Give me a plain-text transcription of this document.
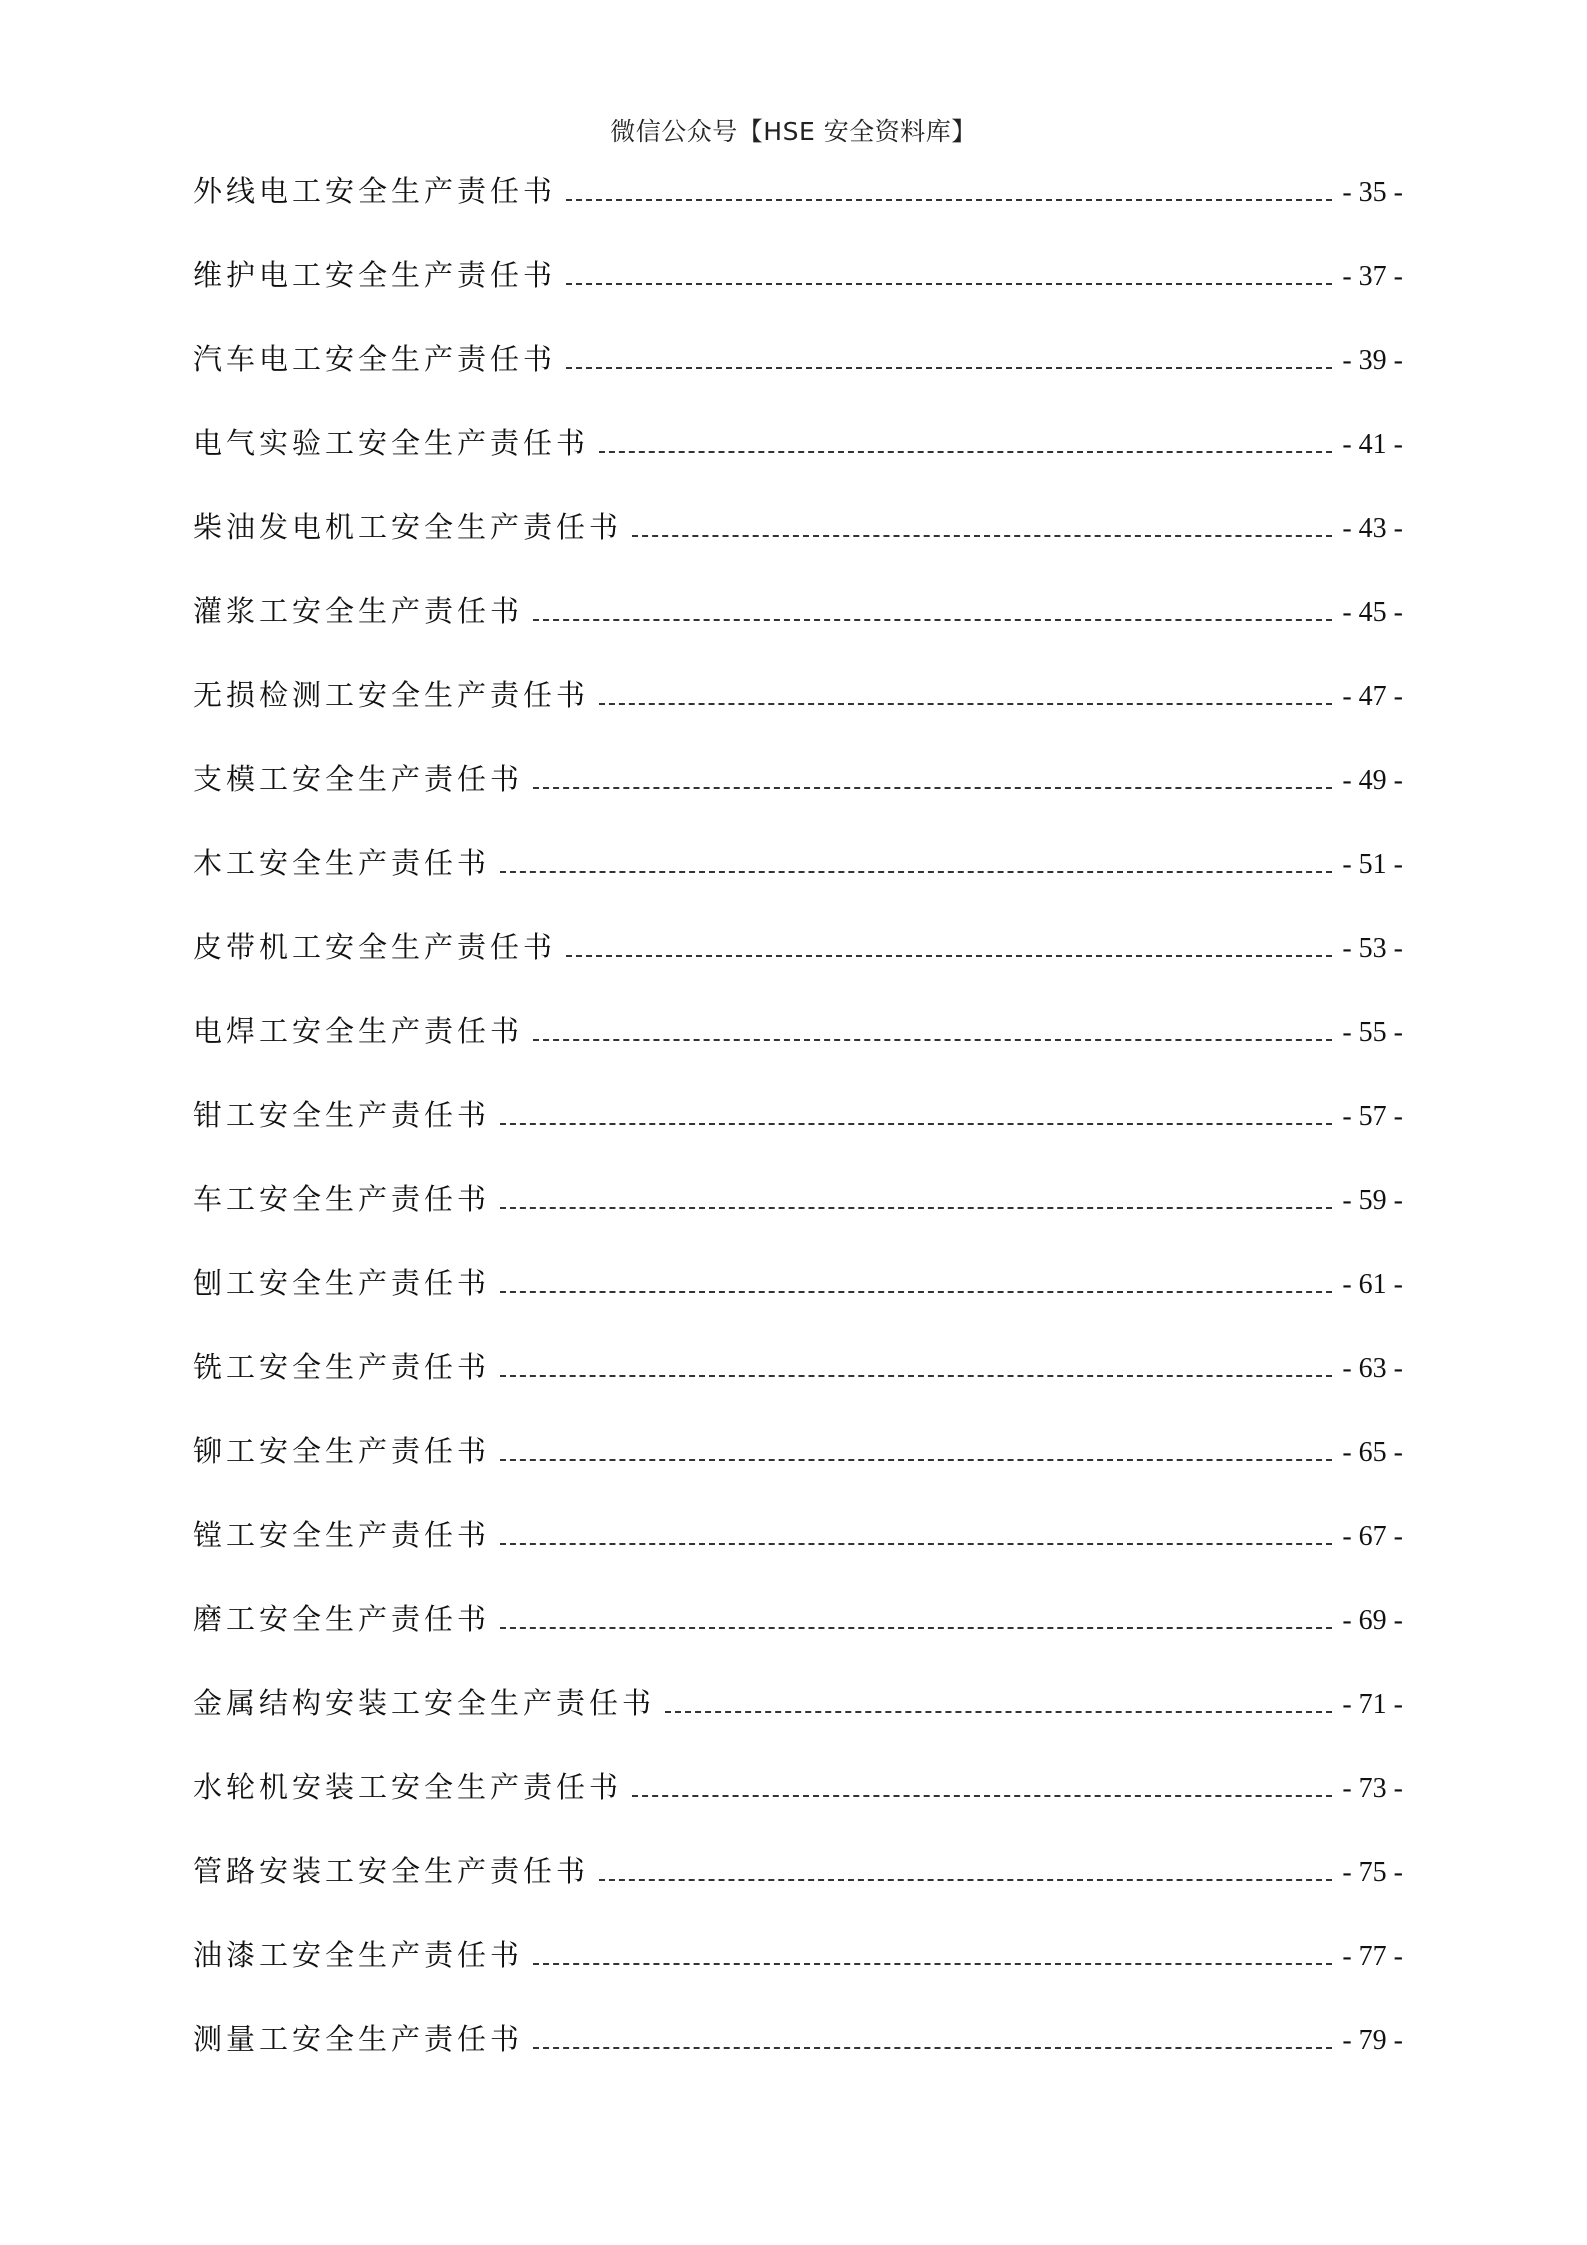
微信公众号【HSE 安全资料库】
外线电工安全生产责任书	- 35 -
维护电工安全生产责任书	- 37 -
汽车电工安全生产责任书	- 39 -
电气实验工安全生产责任书	- 41 -
柴油发电机工安全生产责任书	- 43 -
灌浆工安全生产责任书	- 45 -
无损检测工安全生产责任书	- 47 -
支模工安全生产责任书	- 49 -
木工安全生产责任书	- 51 -
皮带机工安全生产责任书	- 53 -
电焊工安全生产责任书	- 55 -
钳工安全生产责任书	- 57 -
车工安全生产责任书	- 59 -
刨工安全生产责任书	- 61 -
铣工安全生产责任书	- 63 -
铆工安全生产责任书	- 65 -
镗工安全生产责任书	- 67 -
磨工安全生产责任书	- 69 -
金属结构安装工安全生产责任书	- 71 -
水轮机安装工安全生产责任书	- 73 -
管路安装工安全生产责任书	- 75 -
油漆工安全生产责任书	- 77 -
测量工安全生产责任书	- 79 -
